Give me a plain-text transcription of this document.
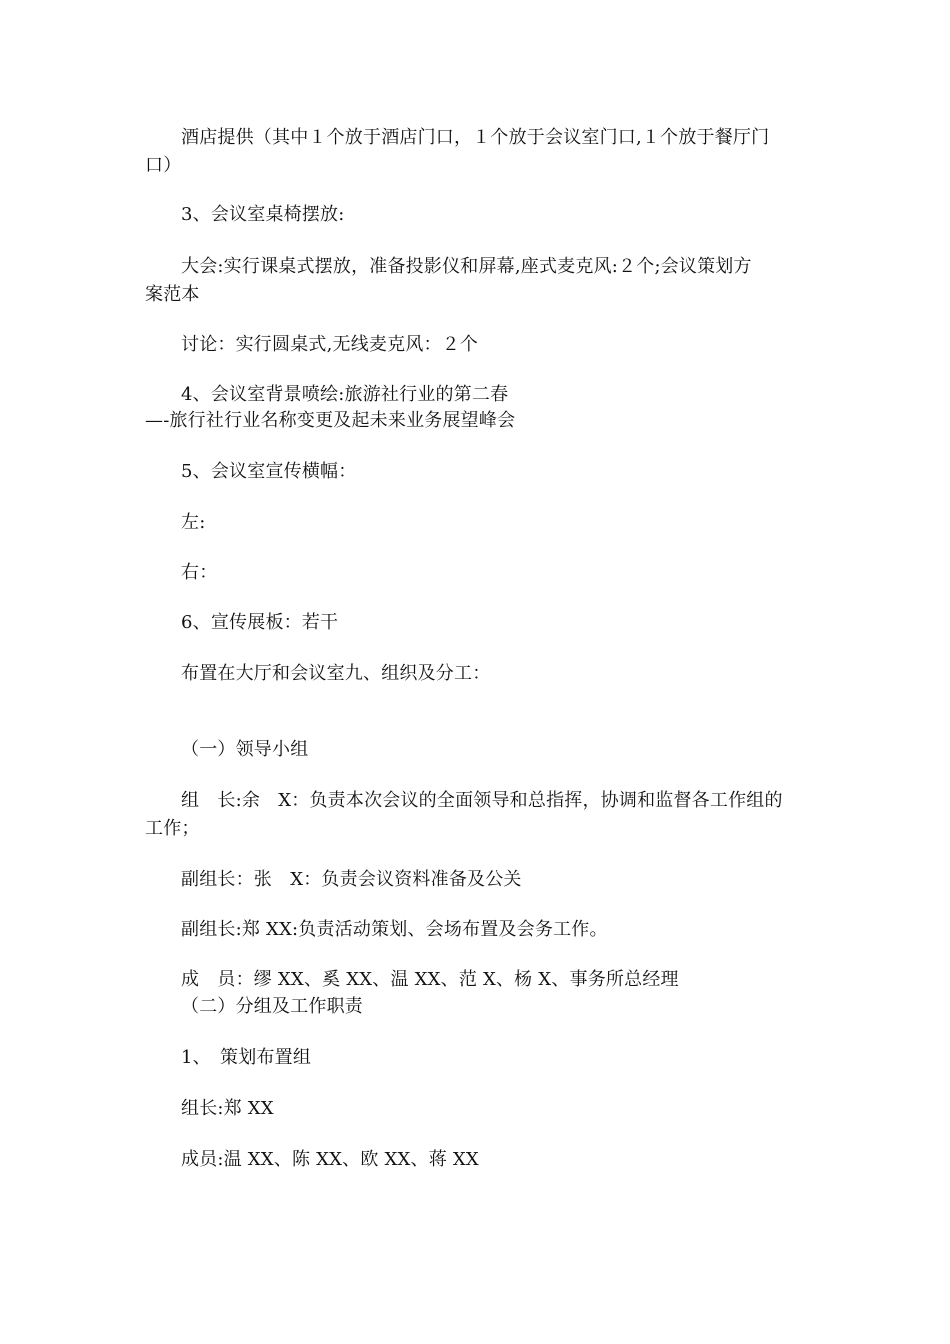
酒店提供（其中１个放于酒店门口，１个放于会议室门口,１个放于餐厅门
口）
3、会议室桌椅摆放:
大会:实行课桌式摆放，准备投影仪和屏幕,座式麦克风:２个;会议策划方
案范本
讨论：实行圆桌式,无线麦克风：２个
4、会议室背景喷绘:旅游社行业的第二春
—-旅行社行业名称变更及起未来业务展望峰会
5、会议室宣传横幅：
左:
右：
6、宣传展板：若干
布置在大厅和会议室九、组织及分工：
（一）领导小组
组　长:余　X：负责本次会议的全面领导和总指挥，协调和监督各工作组的
工作；
副组长：张　X：负责会议资料准备及公关
副组长:郑 XX:负责活动策划、会场布置及会务工作。
成　员：缪 XX、奚 XX、温 XX、范 X、杨 X、事务所总经理
（二）分组及工作职责
1、　策划布置组
组长:郑 XX
成员:温 XX、陈 XX、欧 XX、蒋 XX
